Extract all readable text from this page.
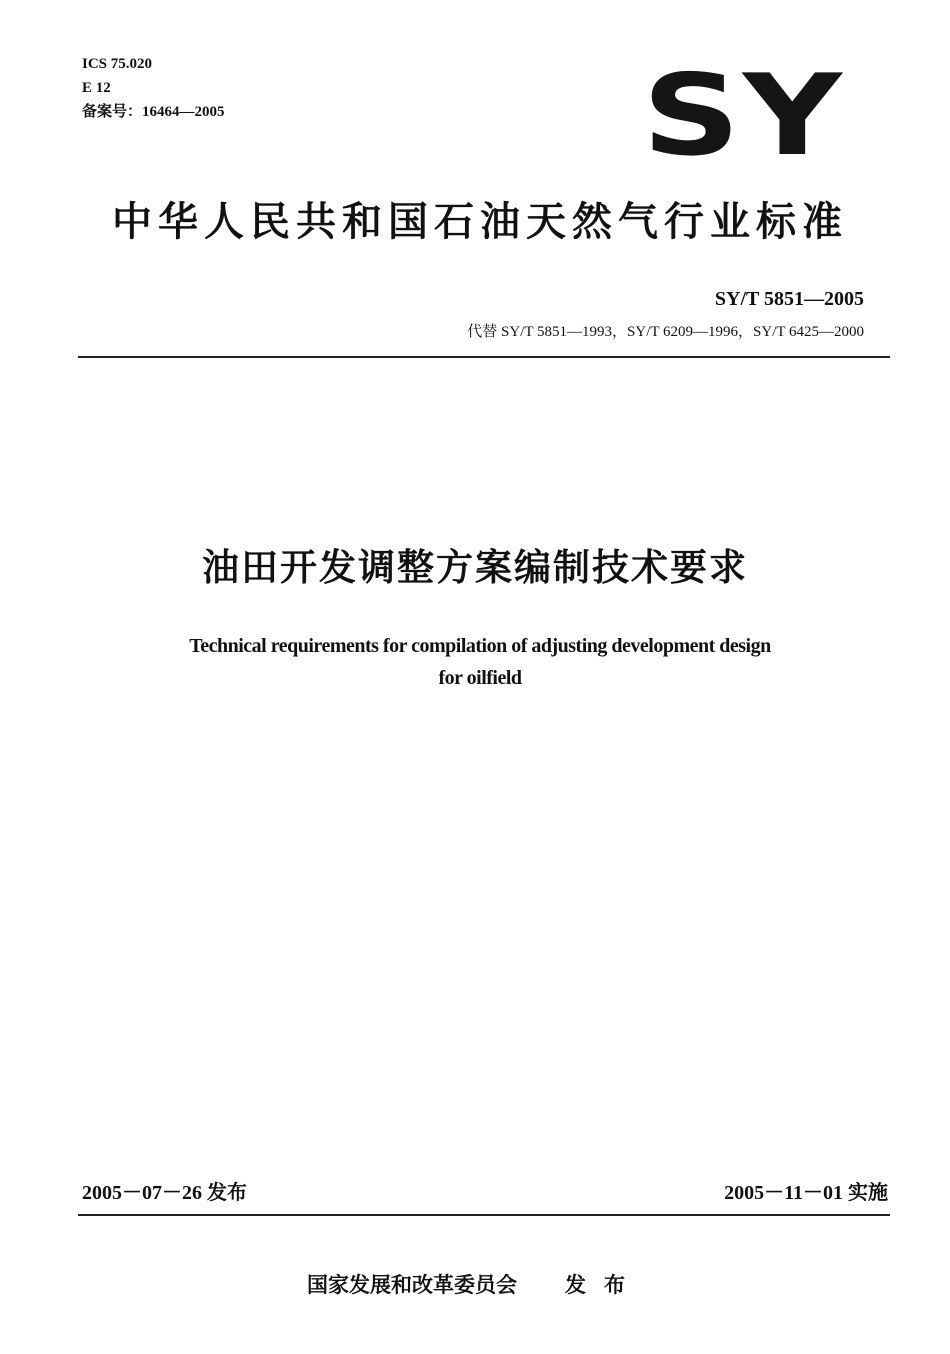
ICS 75.020
E 12
备案号：16464—2005	SY
中华人民共和国石油天然气行业标准
SY/T 5851—2005
代替 SY/T 5851—1993，SY/T 6209—1996，SY/T 6425—2000
油田开发调整方案编制技术要求
Technical requirements for compilation of adjusting development design
for oilfield
2005－07－26 发布	2005－11－01 实施
国家发展和改革委员会 发布
